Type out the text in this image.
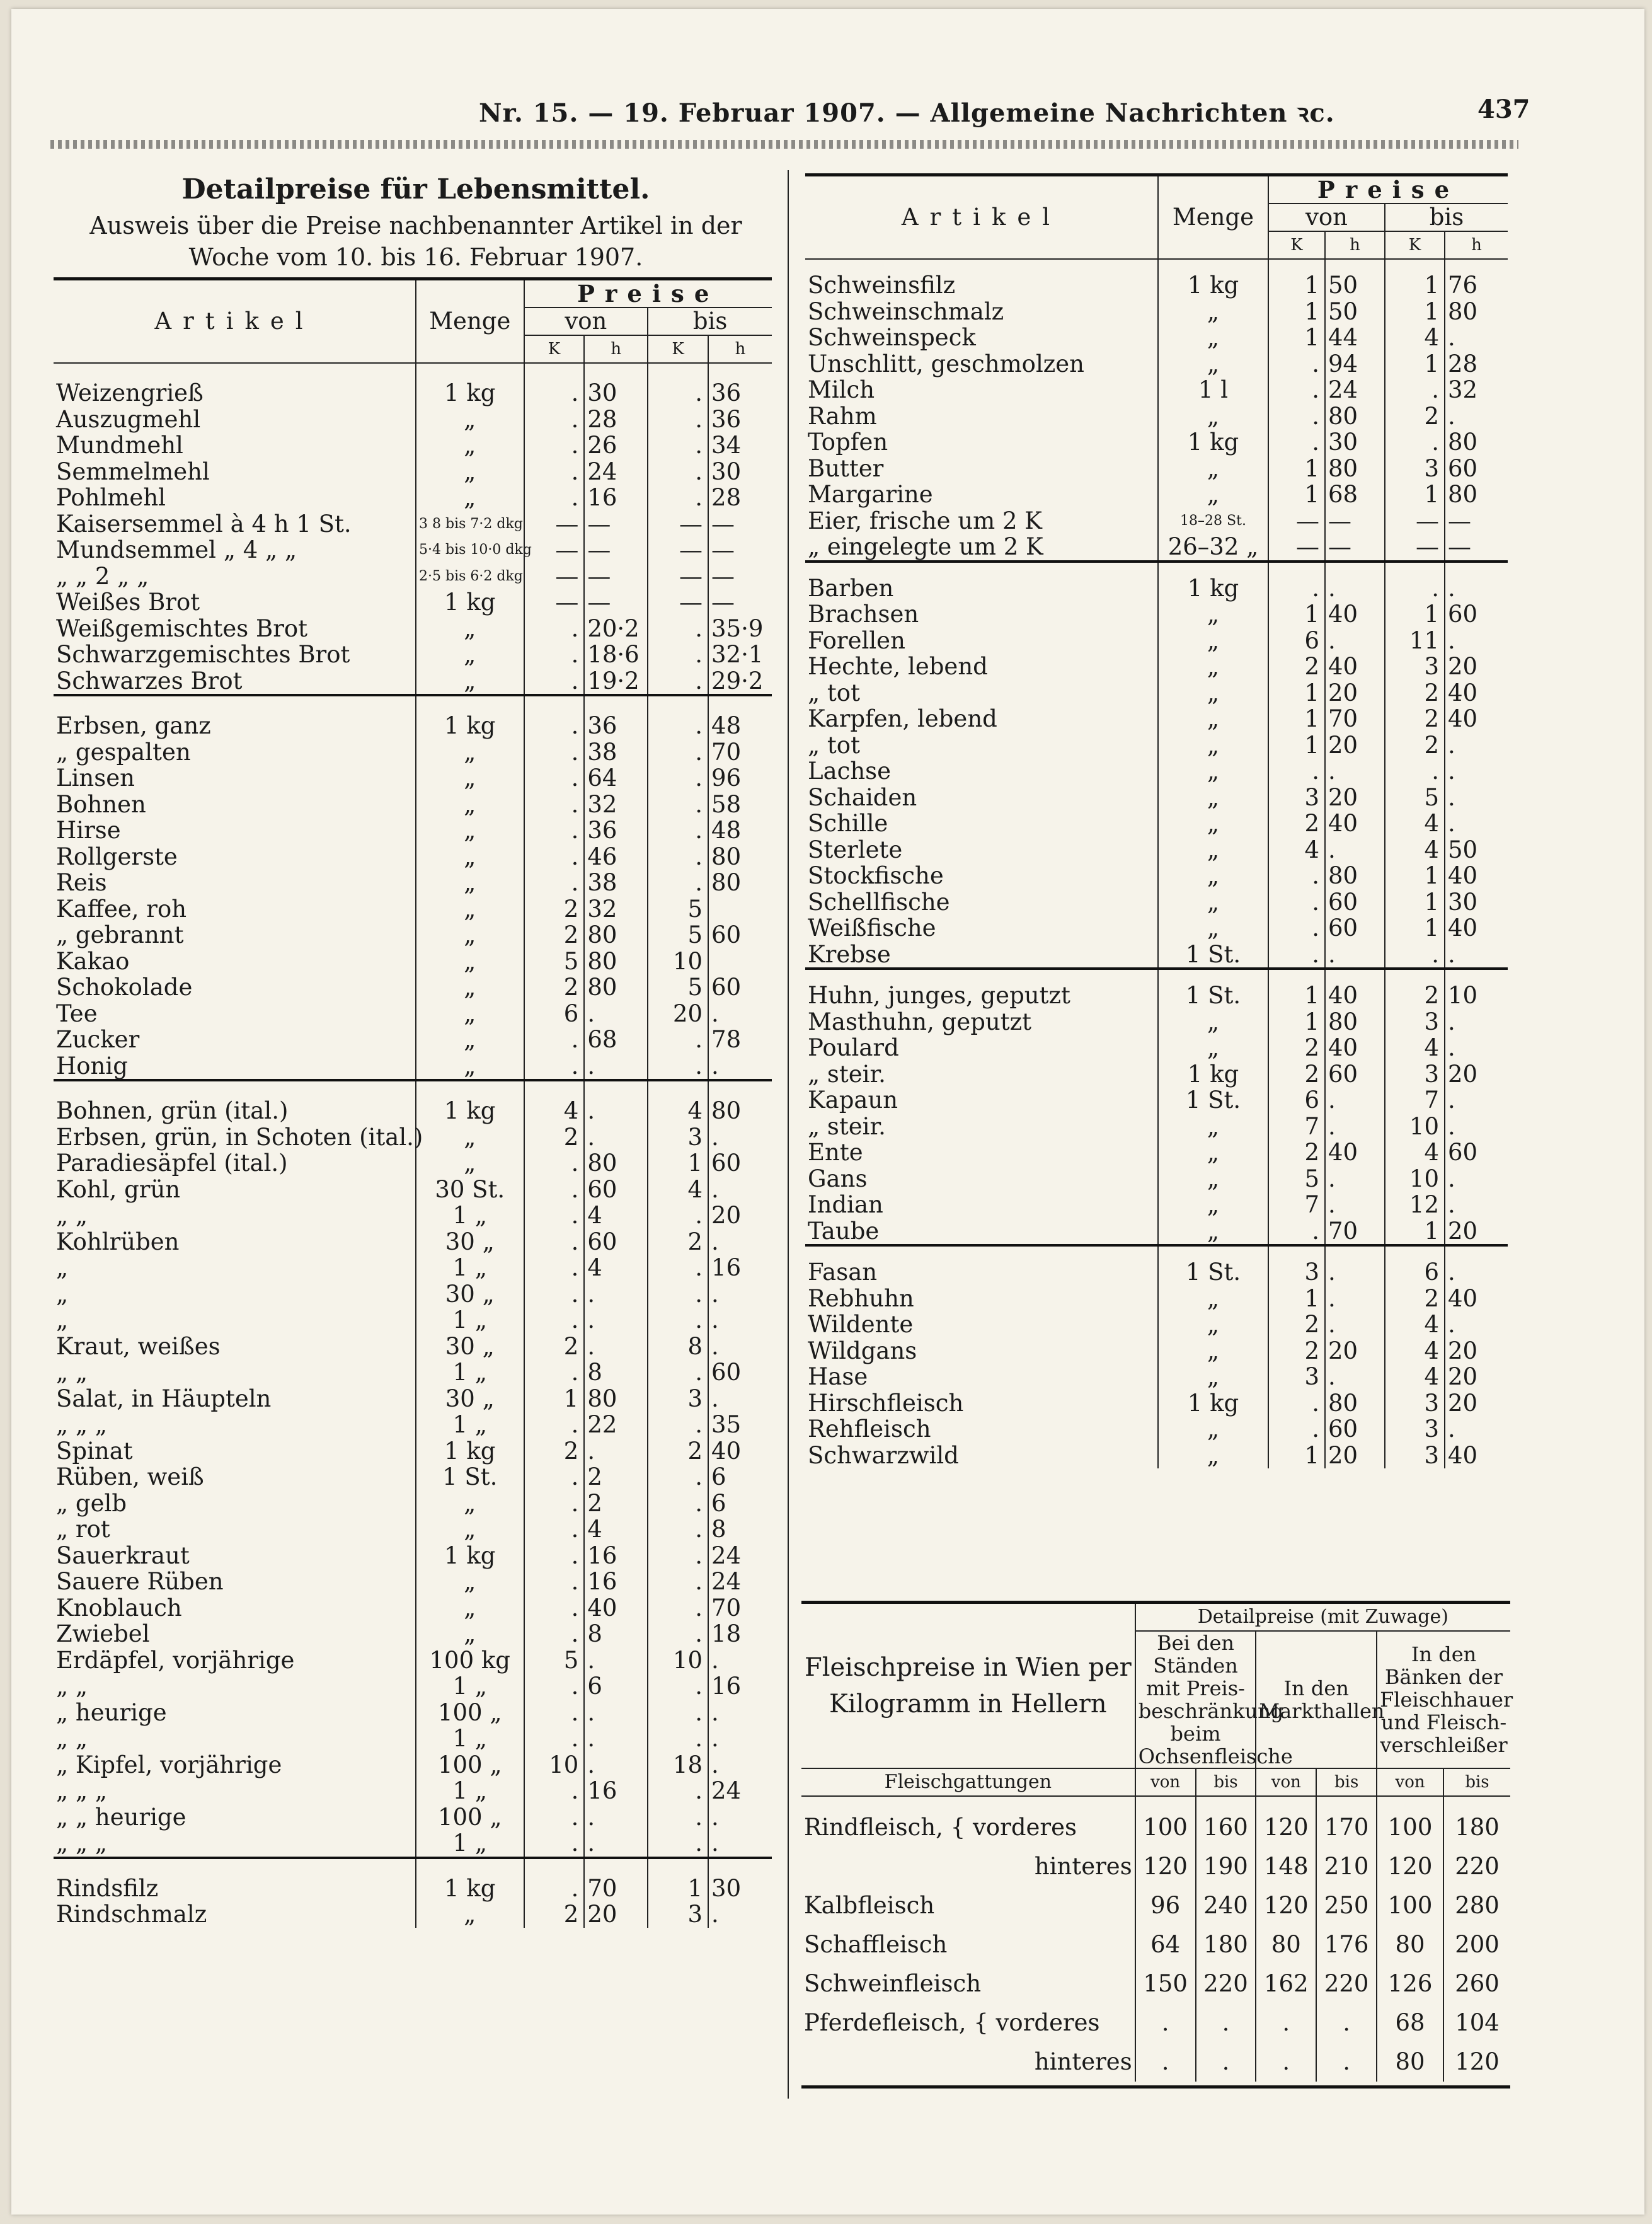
Nr. 15. — 19. Februar 1907. — Allgemeine Nachrichten ꝛc.	437
Detailpreise für Lebensmittel.
Ausweis über die Preise nachbenannter Artikel in der
Woche vom 10. bis 16. Februar 1907.
Artikel	Menge	Preise			
		von		bis	
		K	h	K	h

Weizengrieß	1 kg	.	30	.	36
Auszugmehl	„	.	28	.	36
Mundmehl	„	.	26	.	34
Semmelmehl	„	.	24	.	30
Pohlmehl	„	.	16	.	28
Kaisersemmel à 4 h 1 St.	3 8 bis 7·2 dkg	—	—	—	—
Mundsemmel „ 4 „ „	5·4 bis 10·0 dkg	—	—	—	—
„ „ 2 „ „	2·5 bis 6·2 dkg	—	—	—	—
Weißes Brot	1 kg	—	—	—	—
Weißgemischtes Brot	„	.	20·2	.	35·9
Schwarzgemischtes Brot	„	.	18·6	.	32·1
Schwarzes Brot	„	.	19·2	.	29·2

Erbsen, ganz	1 kg	.	36	.	48
„ gespalten	„	.	38	.	70
Linsen	„	.	64	.	96
Bohnen	„	.	32	.	58
Hirse	„	.	36	.	48
Rollgerste	„	.	46	.	80
Reis	„	.	38	.	80
Kaffee, roh	„	2	32	5	
„ gebrannt	„	2	80	5	60
Kakao	„	5	80	10	
Schokolade	„	2	80	5	60
Tee	„	6	.	20	.
Zucker	„	.	68	.	78
Honig	„	.	.	.	.

Bohnen, grün (ital.)	1 kg	4	.	4	80
Erbsen, grün, in Schoten (ital.)	„	2	.	3	.
Paradiesäpfel (ital.)	„	.	80	1	60
Kohl, grün	30 St.	.	60	4	.
„ „	1 „	.	4	.	20
Kohlrüben	30 „	.	60	2	.
„	1 „	.	4	.	16
„	30 „	.	.	.	.
„	1 „	.	.	.	.
Kraut, weißes	30 „	2	.	8	.
„ „	1 „	.	8	.	60
Salat, in Häupteln	30 „	1	80	3	.
„ „ „	1 „	.	22	.	35
Spinat	1 kg	2	.	2	40
Rüben, weiß	1 St.	.	2	.	6
„ gelb	„	.	2	.	6
„ rot	„	.	4	.	8
Sauerkraut	1 kg	.	16	.	24
Sauere Rüben	„	.	16	.	24
Knoblauch	„	.	40	.	70
Zwiebel	„	.	8	.	18
Erdäpfel, vorjährige	100 kg	5	.	10	.
„ „	1 „	.	6	.	16
„ heurige	100 „	.	.	.	.
„ „	1 „	.	.	.	.
„ Kipfel, vorjährige	100 „	10	.	18	.
„ „ „	1 „	.	16	.	24
„ „ heurige	100 „	.	.	.	.
„ „ „	1 „	.	.	.	.

Rindsfilz	1 kg	.	70	1	30
Rindschmalz	„	2	20	3	.
Artikel	Menge	Preise			
		von		bis	
		K	h	K	h

Schweinsfilz	1 kg	1	50	1	76
Schweinschmalz	„	1	50	1	80
Schweinspeck	„	1	44	4	.
Unschlitt, geschmolzen	„	.	94	1	28
Milch	1 l	.	24	.	32
Rahm	„	.	80	2	.
Topfen	1 kg	.	30	.	80
Butter	„	1	80	3	60
Margarine	„	1	68	1	80
Eier, frische um 2 K	18–28 St.	—	—	—	—
„ eingelegte um 2 K	26–32 „	—	—	—	—

Barben	1 kg	.	.	.	.
Brachsen	„	1	40	1	60
Forellen	„	6	.	11	.
Hechte, lebend	„	2	40	3	20
„ tot	„	1	20	2	40
Karpfen, lebend	„	1	70	2	40
„ tot	„	1	20	2	.
Lachse	„	.	.	.	.
Schaiden	„	3	20	5	.
Schille	„	2	40	4	.
Sterlete	„	4	.	4	50
Stockfische	„	.	80	1	40
Schellfische	„	.	60	1	30
Weißfische	„	.	60	1	40
Krebse	1 St.	.	.	.	.

Huhn, junges, geputzt	1 St.	1	40	2	10
Masthuhn, geputzt	„	1	80	3	.
Poulard	„	2	40	4	.
„ steir.	1 kg	2	60	3	20
Kapaun	1 St.	6	.	7	.
„ steir.	„	7	.	10	.
Ente	„	2	40	4	60
Gans	„	5	.	10	.
Indian	„	7	.	12	.
Taube	„	.	70	1	20

Fasan	1 St.	3	.	6	.
Rebhuhn	„	1	.	2	40
Wildente	„	2	.	4	.
Wildgans	„	2	20	4	20
Hase	„	3	.	4	20
Hirschfleisch	1 kg	.	80	3	20
Rehfleisch	„	.	60	3	.
Schwarzwild	„	1	20	3	40
Fleischpreise in Wien per Kilogramm in Hellern	Detailpreise (mit Zuwage)					
	Bei den Ständen mit Preis-beschränkung beim Ochsenfleische		In den Markthallen		In den Bänken der Fleischhauer und Fleisch-verschleißer	
Fleischgattungen	von	bis	von	bis	von	bis

Rindfleisch, { vorderes	100	160	120	170	100	180
hinteres	120	190	148	210	120	220
Kalbfleisch	96	240	120	250	100	280
Schaffleisch	64	180	80	176	80	200
Schweinfleisch	150	220	162	220	126	260
Pferdefleisch, { vorderes	.	.	.	.	68	104
hinteres	.	.	.	.	80	120
